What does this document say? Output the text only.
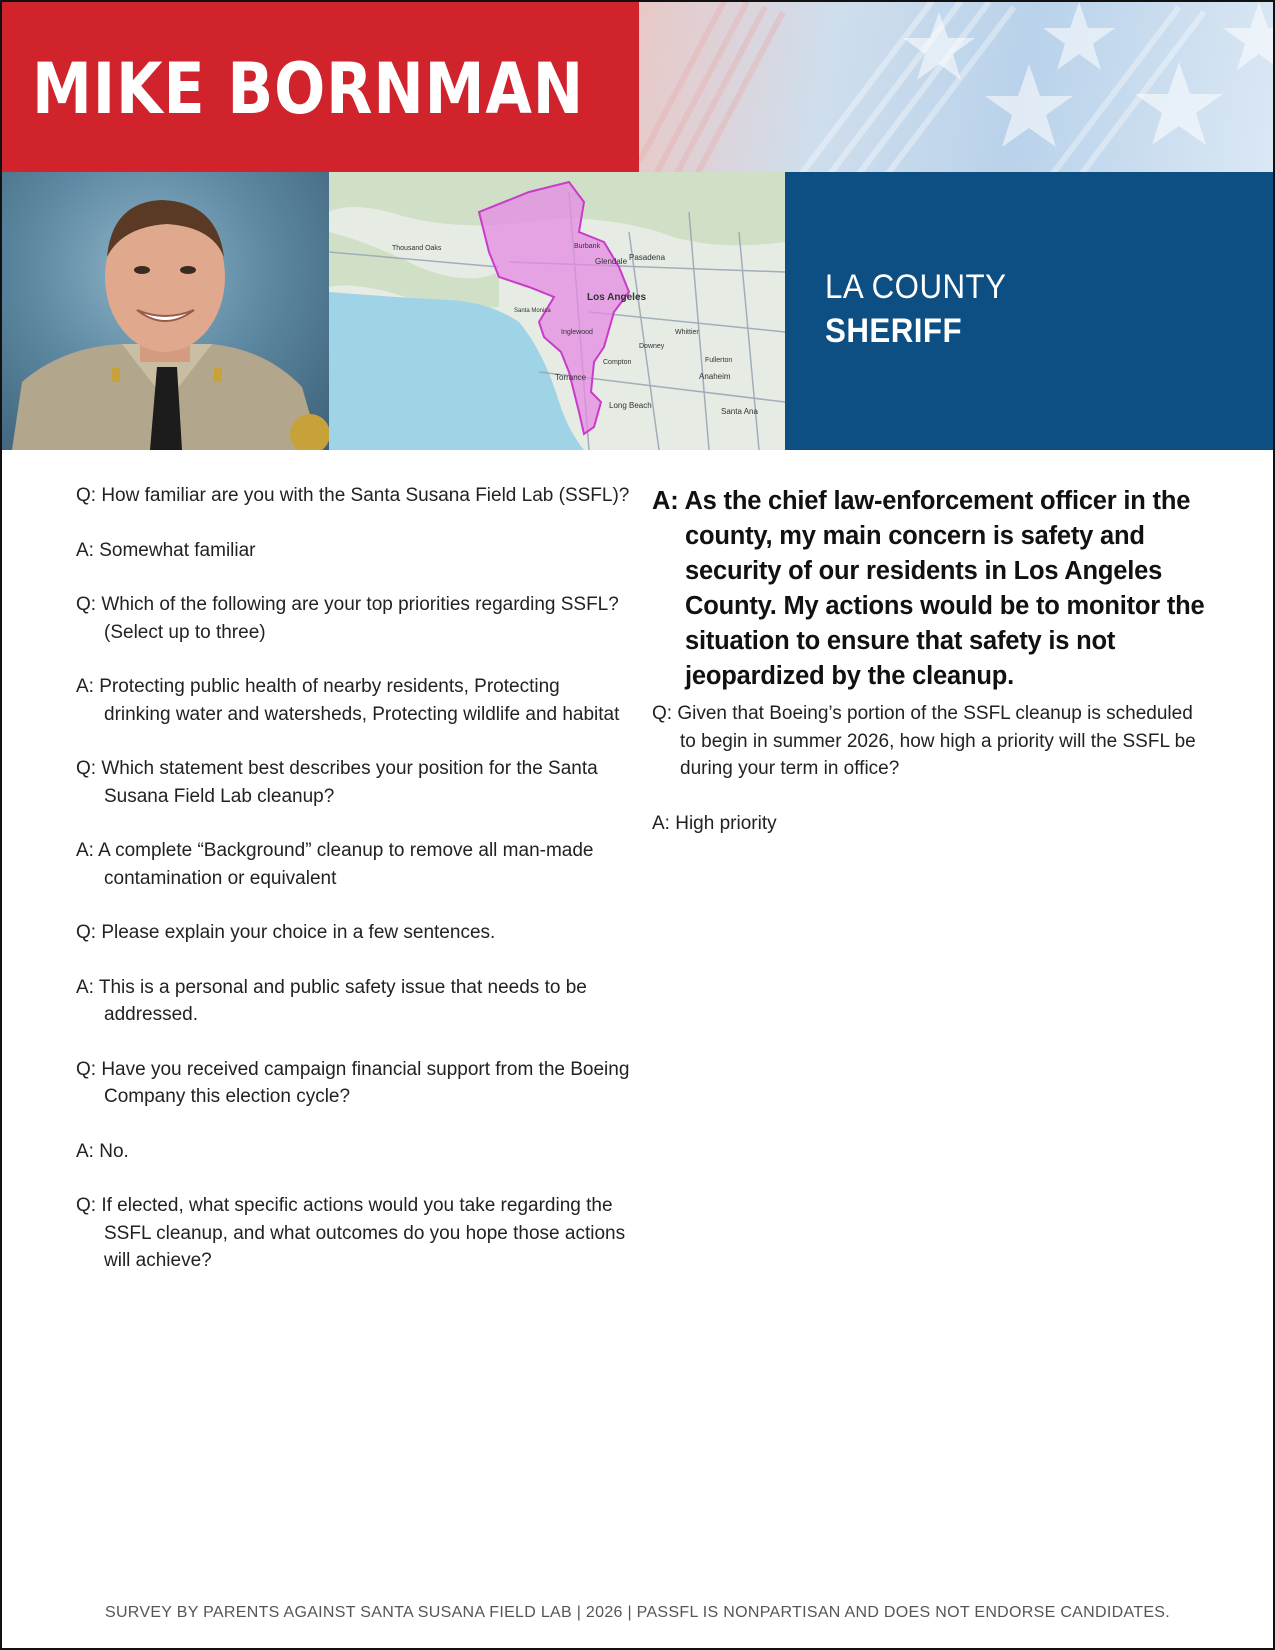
MIKE BORNMAN
Los Angeles
Pasadena
Glendale
Burbank
Long Beach
Torrance	Anaheim
Santa Ana
Thousand Oaks
Santa Monica
Downey
Compton	Fullerton
Whittier
Inglewood

LA COUNTY

SHERIFF

Q: How familiar are you with the Santa Susana Field Lab (SSFL)?

A: Somewhat familiar

Q: Which of the following are your top priorities regarding SSFL? (Select up to three)

A: Protecting public health of nearby residents, Protecting drinking water and watersheds, Protecting wildlife and habitat

Q: Which statement best describes your position for the Santa Susana Field Lab cleanup?

A: A complete “Background” cleanup to remove all man-made contamination or equivalent

Q: Please explain your choice in a few sentences.

A: This is a personal and public safety issue that needs to be addressed.

Q: Have you received campaign financial support from the Boeing Company this election cycle?

A: No.

Q: If elected, what specific actions would you take regarding the SSFL cleanup, and what outcomes do you hope those actions will achieve?

A: As the chief law-enforcement officer in the county, my main concern is safety and security of our residents in Los Angeles County. My actions would be to monitor the situation to ensure that safety is not jeopardized by the cleanup.

Q: Given that Boeing’s portion of the SSFL cleanup is scheduled to begin in summer 2026, how high a priority will the SSFL be during your term in office?

A: High priority

SURVEY BY PARENTS AGAINST SANTA SUSANA FIELD LAB | 2026 | PASSFL IS NONPARTISAN AND DOES NOT ENDORSE CANDIDATES.
